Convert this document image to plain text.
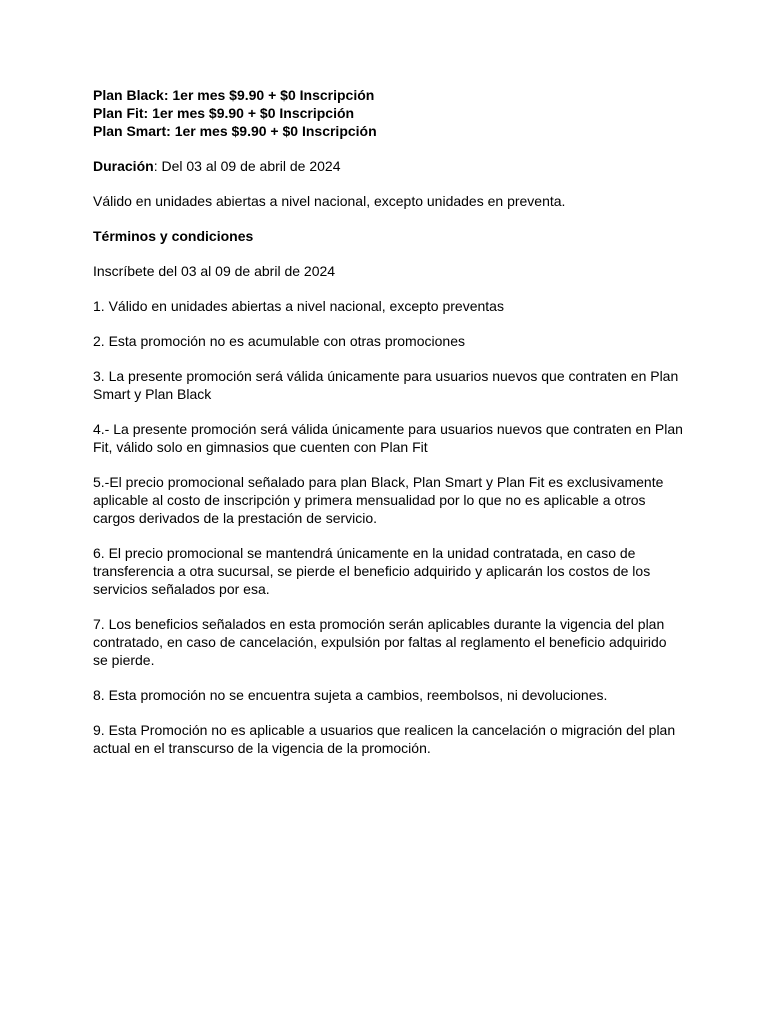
Plan Black: 1er mes $9.90 + $0 Inscripción

Plan Fit: 1er mes $9.90 + $0 Inscripción

Plan Smart: 1er mes $9.90 + $0 Inscripción

Duración: Del 03 al 09 de abril de 2024

Válido en unidades abiertas a nivel nacional, excepto unidades en preventa.

Términos y condiciones

Inscríbete del 03 al 09 de abril de 2024

1. Válido en unidades abiertas a nivel nacional, excepto preventas

2. Esta promoción no es acumulable con otras promociones

3. La presente promoción será válida únicamente para usuarios nuevos que contraten en Plan Smart y Plan Black

4.- La presente promoción será válida únicamente para usuarios nuevos que contraten en Plan Fit, válido solo en gimnasios que cuenten con Plan Fit

5.-El precio promocional señalado para plan Black, Plan Smart y Plan Fit es exclusivamente aplicable al costo de inscripción y primera mensualidad por lo que no es aplicable a otros cargos derivados de la prestación de servicio.

6. El precio promocional se mantendrá únicamente en la unidad contratada, en caso de transferencia a otra sucursal, se pierde el beneficio adquirido y aplicarán los costos de los servicios señalados por esa.

7. Los beneficios señalados en esta promoción serán aplicables durante la vigencia del plan contratado, en caso de cancelación, expulsión por faltas al reglamento el beneficio adquirido se pierde.

8. Esta promoción no se encuentra sujeta a cambios, reembolsos, ni devoluciones.

9. Esta Promoción no es aplicable a usuarios que realicen la cancelación o migración del plan actual en el transcurso de la vigencia de la promoción.
